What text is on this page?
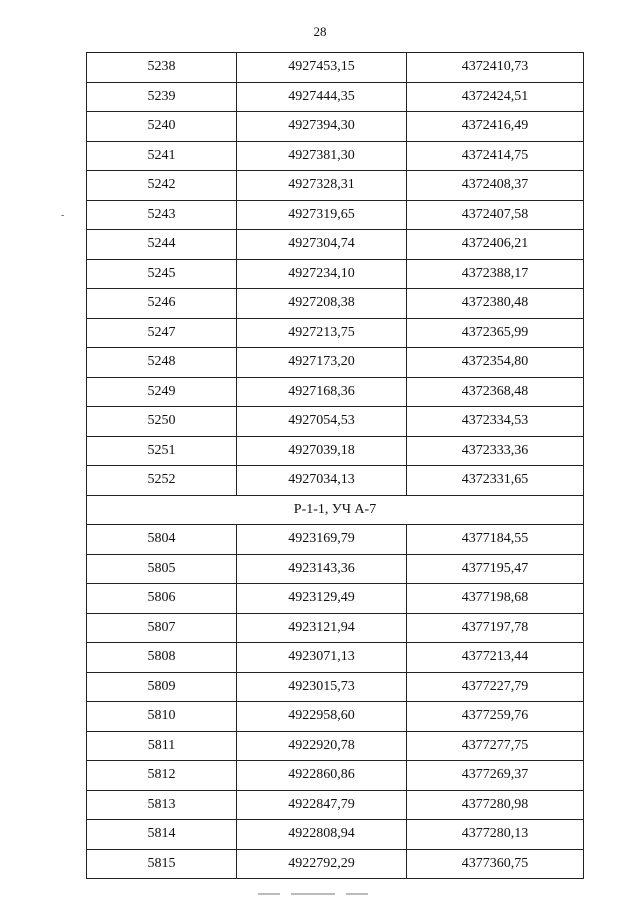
28
-
5238	4927453,15	4372410,73
5239	4927444,35	4372424,51
5240	4927394,30	4372416,49
5241	4927381,30	4372414,75
5242	4927328,31	4372408,37
5243	4927319,65	4372407,58
5244	4927304,74	4372406,21
5245	4927234,10	4372388,17
5246	4927208,38	4372380,48
5247	4927213,75	4372365,99
5248	4927173,20	4372354,80
5249	4927168,36	4372368,48
5250	4927054,53	4372334,53
5251	4927039,18	4372333,36
5252	4927034,13	4372331,65
Р-1-1, УЧ А-7		
5804	4923169,79	4377184,55
5805	4923143,36	4377195,47
5806	4923129,49	4377198,68
5807	4923121,94	4377197,78
5808	4923071,13	4377213,44
5809	4923015,73	4377227,79
5810	4922958,60	4377259,76
5811	4922920,78	4377277,75
5812	4922860,86	4377269,37
5813	4922847,79	4377280,98
5814	4922808,94	4377280,13
5815	4922792,29	4377360,75
